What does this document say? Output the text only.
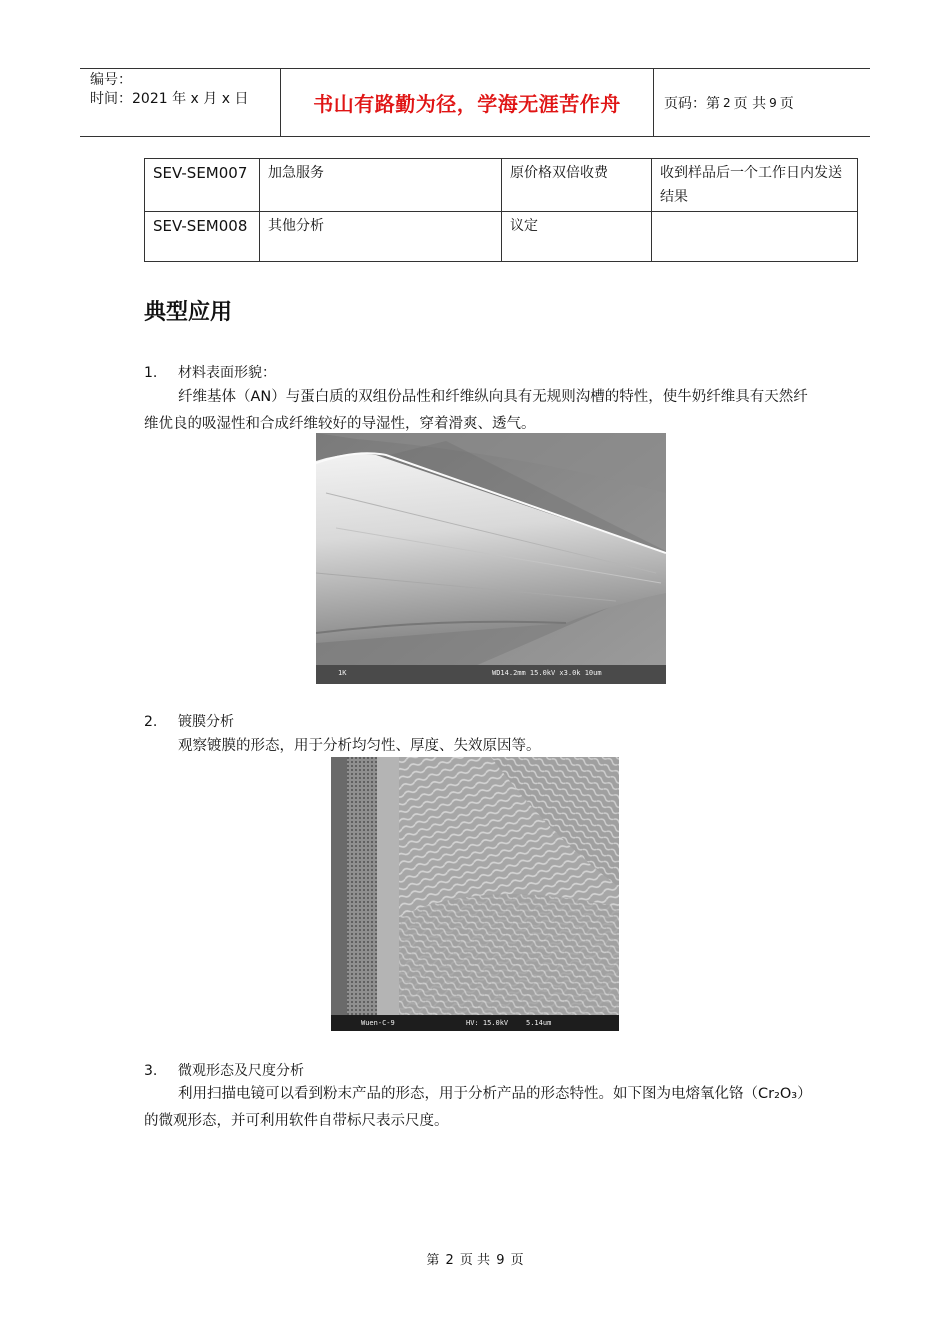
编号：
时间：2021 年 x 月 x 日	书山有路勤为径，学海无涯苦作舟	页码：第 2 页 共 9 页
SEV-SEM007	加急服务	原价格双倍收费	收到样品后一个工作日内发送结果
SEV-SEM008	其他分析	议定	
典型应用
1. 材料表面形貌：
纤维基体（AN）与蛋白质的双组份品性和纤维纵向具有无规则沟槽的特性，使牛奶纤维具有天然纤维优良的吸湿性和合成纤维较好的导湿性，穿着滑爽、透气。
1K	WD14.2mm 15.0kV x3.0k 10um
2. 镀膜分析
观察镀膜的形态，用于分析均匀性、厚度、失效原因等。
Wuen-C-9	HV: 15.0kV	5.14um
3. 微观形态及尺度分析
利用扫描电镜可以看到粉末产品的形态，用于分析产品的形态特性。如下图为电熔氧化铬（Cr₂O₃）的微观形态，并可利用软件自带标尺表示尺度。
第 2 页 共 9 页
